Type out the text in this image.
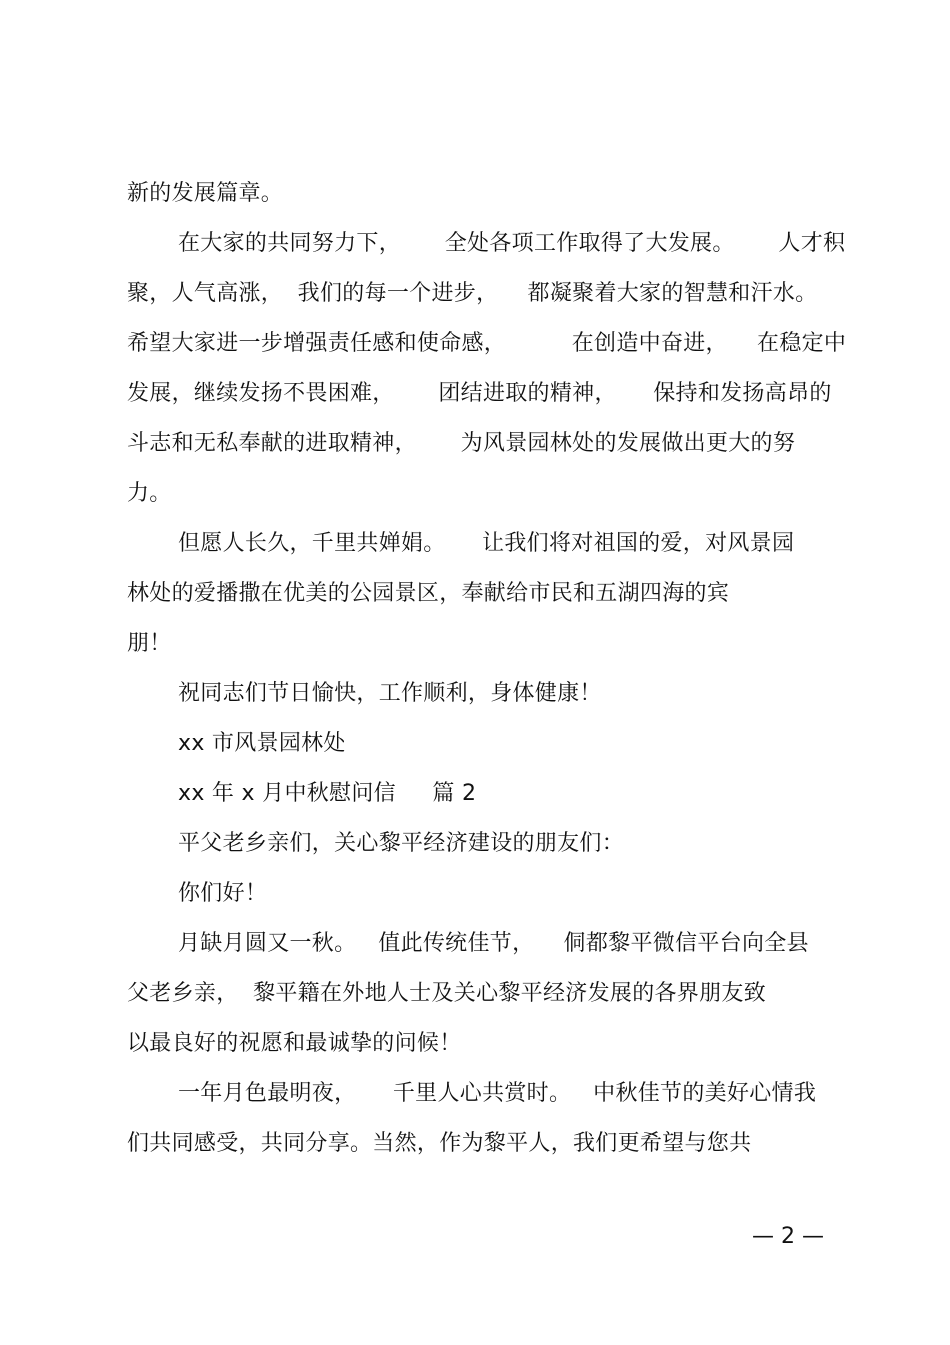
新的发展篇章。
在大家的共同努力下，      全处各项工作取得了大发展。      人才积
聚，人气高涨，  我们的每一个进步，    都凝聚着大家的智慧和汗水。
希望大家进一步增强责任感和使命感，         在创造中奋进，    在稳定中
发展，继续发扬不畏困难，      团结进取的精神，     保持和发扬高昂的
斗志和无私奉献的进取精神，      为风景园林处的发展做出更大的努
力。
但愿人长久，千里共婵娟。     让我们将对祖国的爱，对风景园
林处的爱播撒在优美的公园景区，奉献给市民和五湖四海的宾
朋！
祝同志们节日愉快，工作顺利，身体健康！
xx 市风景园林处
xx 年 x 月中秋慰问信     篇 2
平父老乡亲们，关心黎平经济建设的朋友们：
你们好！
月缺月圆又一秋。   值此传统佳节，    侗都黎平微信平台向全县
父老乡亲，  黎平籍在外地人士及关心黎平经济发展的各界朋友致
以最良好的祝愿和最诚挚的问候！
一年月色最明夜，     千里人心共赏时。   中秋佳节的美好心情我
们共同感受，共同分享。当然，作为黎平人，我们更希望与您共
— 2 —
